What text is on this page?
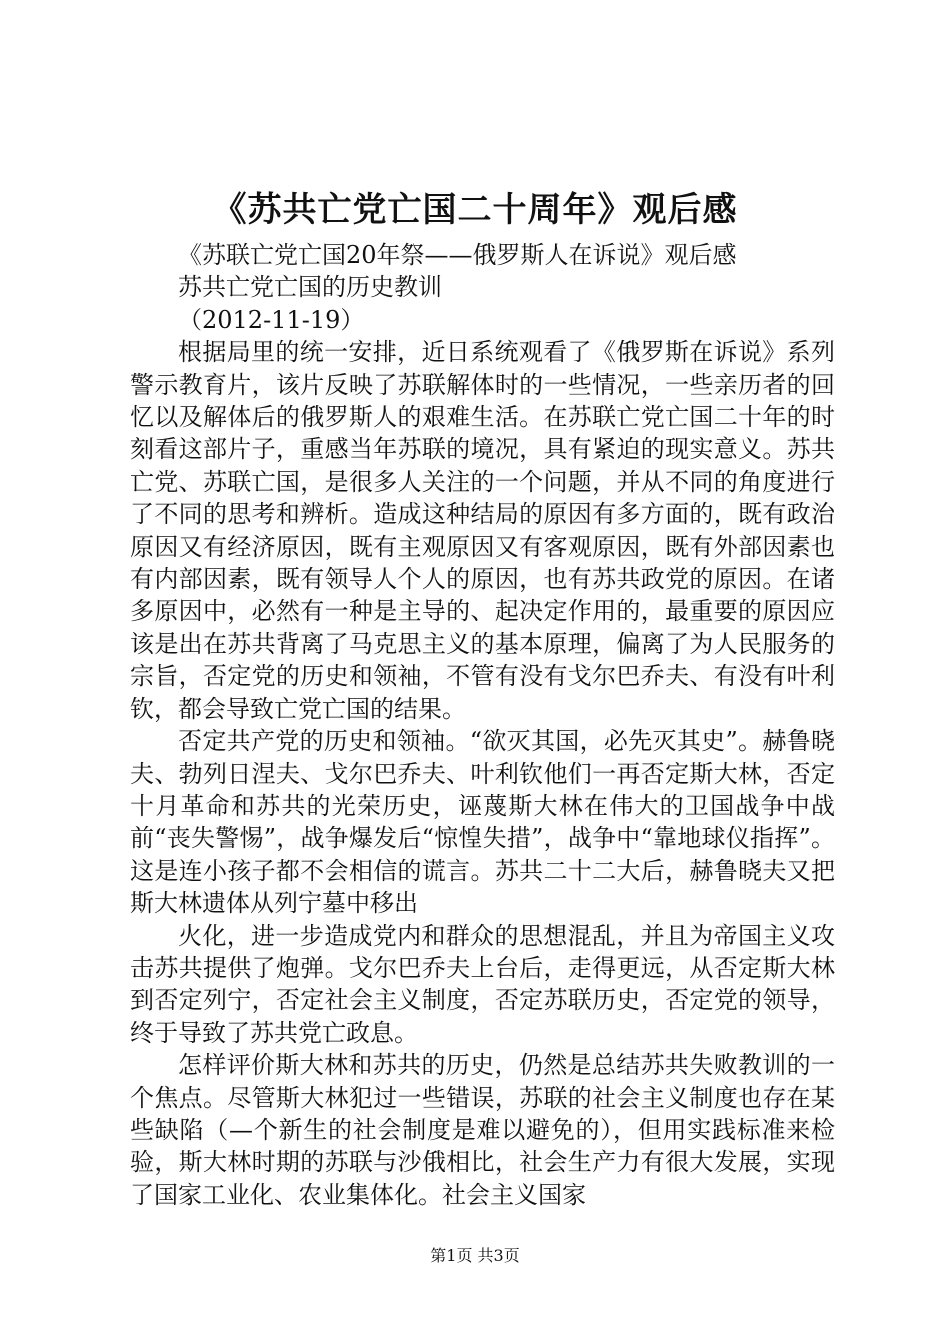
《苏共亡党亡国二十周年》观后感

《苏联亡党亡国20年祭——俄罗斯人在诉说》观后感

苏共亡党亡国的历史教训

（2012-11-19）

根据局里的统一安排，近日系统观看了《俄罗斯在诉说》系列警示教育片，该片反映了苏联解体时的一些情况，一些亲历者的回忆以及解体后的俄罗斯人的艰难生活。在苏联亡党亡国二十年的时刻看这部片子，重感当年苏联的境况，具有紧迫的现实意义。苏共亡党、苏联亡国，是很多人关注的一个问题，并从不同的角度进行了不同的思考和辨析。造成这种结局的原因有多方面的，既有政治原因又有经济原因，既有主观原因又有客观原因，既有外部因素也有内部因素，既有领导人个人的原因，也有苏共政党的原因。在诸多原因中，必然有一种是主导的、起决定作用的，最重要的原因应该是出在苏共背离了马克思主义的基本原理，偏离了为人民服务的宗旨，否定党的历史和领袖，不管有没有戈尔巴乔夫、有没有叶利钦，都会导致亡党亡国的结果。

否定共产党的历史和领袖。“欲灭其国，必先灭其史”。赫鲁晓夫、勃列日涅夫、戈尔巴乔夫、叶利钦他们一再否定斯大林，否定十月革命和苏共的光荣历史，诬蔑斯大林在伟大的卫国战争中战前“丧失警惕”，战争爆发后“惊惶失措”，战争中“靠地球仪指挥”。这是连小孩子都不会相信的谎言。苏共二十二大后，赫鲁晓夫又把斯大林遗体从列宁墓中移出

火化，进一步造成党内和群众的思想混乱，并且为帝国主义攻击苏共提供了炮弹。戈尔巴乔夫上台后，走得更远，从否定斯大林到否定列宁，否定社会主义制度，否定苏联历史，否定党的领导，终于导致了苏共党亡政息。

怎样评价斯大林和苏共的历史，仍然是总结苏共失败教训的一个焦点。尽管斯大林犯过一些错误，苏联的社会主义制度也存在某些缺陷（—个新生的社会制度是难以避免的），但用实践标准来检验，斯大林时期的苏联与沙俄相比，社会生产力有很大发展，实现了国家工业化、农业集体化。社会主义国家

第1页 共3页
